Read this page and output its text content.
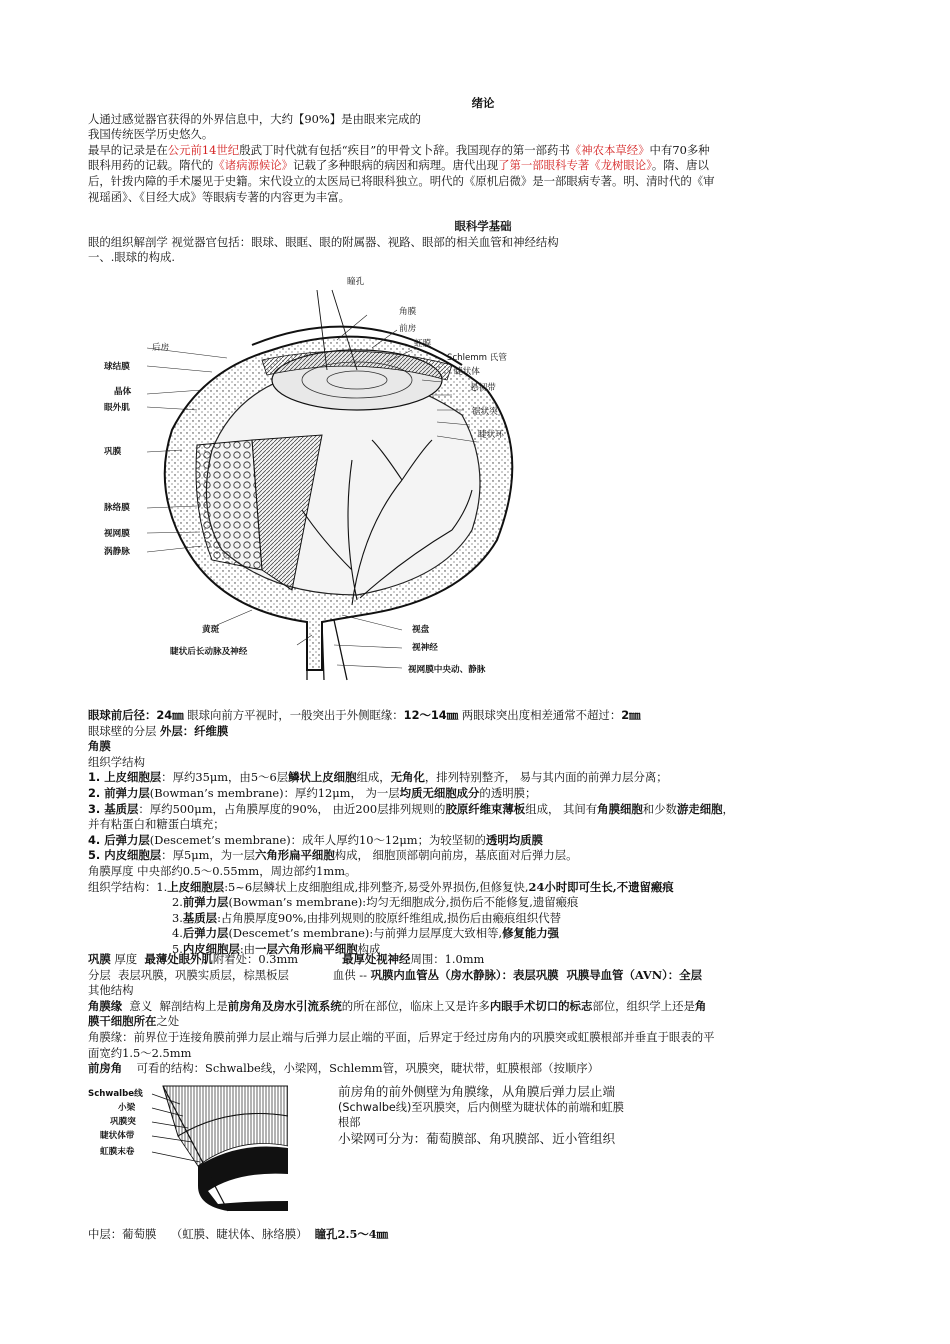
绪论
人通过感觉器官获得的外界信息中，大约【90%】是由眼来完成的
我国传统医学历史悠久。
最早的记录是在公元前14世纪殷武丁时代就有包括“疾目”的甲骨文卜辞。我国现存的第一部药书《神农本草经》中有70多种
眼科用药的记载。隋代的《诸病源候论》记载了多种眼病的病因和病理。唐代出现了第一部眼科专著《龙树眼论》。隋、唐以
后，针拨内障的手术屡见于史籍。宋代设立的太医局已将眼科独立。明代的《原机启微》是一部眼病专著。明、清时代的《审
视瑶函》、《目经大成》等眼病专著的内容更为丰富。
眼科学基础
眼的组织解剖学 视觉器官包括：眼球、眼眶、眼的附属器、视路、眼部的相关血管和神经结构
一、.眼球的构成.
瞳孔
角膜
前房
虹膜
Schlemm 氏管
睫状体
悬韧带
锯状突
睫状环
后房
球结膜
晶体
眼外肌
巩膜
脉络膜
视网膜
涡静脉
黄斑
睫状后长动脉及神经
视盘
视神经
视网膜中央动、静脉
眼球前后径：24㎜ 眼球向前方平视时，一般突出于外侧眶缘：12～14㎜ 两眼球突出度相差通常不超过：2㎜
眼球壁的分层 外层：纤维膜
角膜
组织学结构
1. 上皮细胞层：厚约35μm，由5～6层鳞状上皮细胞组成，无角化，排列特别整齐， 易与其内面的前弹力层分离；
2. 前弹力层(Bowman’s membrane)：厚约12μm， 为一层均质无细胞成分的透明膜；
3. 基质层：厚约500μm，占角膜厚度的90%， 由近200层排列规则的胶原纤维束薄板组成， 其间有角膜细胞和少数游走细胞，
并有粘蛋白和糖蛋白填充；
4. 后弹力层(Descemet’s membrane)：成年人厚约10～12μm；为较坚韧的透明均质膜
5. 内皮细胞层：厚5μm，为一层六角形扁平细胞构成， 细胞顶部朝向前房，基底面对后弹力层。
角膜厚度 中央部约0.5～0.55mm，周边部约1mm。
组织学结构：1.上皮细胞层:5~6层鳞状上皮细胞组成,排列整齐,易受外界损伤,但修复快,24小时即可生长,不遗留瘢痕
2.前弹力层(Bowman’s membrane):均匀无细胞成分,损伤后不能修复,遗留瘢痕
3.基质层:占角膜厚度90%,由排列规则的胶原纤维组成,损伤后由瘢痕组织代替
4.后弹力层(Descemet’s membrane):与前弹力层厚度大致相等,修复能力强
5.内皮细胞层:由一层六角形扁平细胞构成
巩膜 厚度  最薄处眼外肌附着处：0.3mm	最厚处视神经周围：1.0mm
分层  表层巩膜，巩膜实质层，棕黑板层	血供 -- 巩膜内血管丛（房水静脉）：表层巩膜  巩膜导血管（AVN）：全层
其他结构
角膜缘  意义  解剖结构上是前房角及房水引流系统的所在部位，临床上又是许多内眼手术切口的标志部位，组织学上还是角
膜干细胞所在之处
角膜缘：前界位于连接角膜前弹力层止端与后弹力层止端的平面，后界定于经过房角内的巩膜突或虹膜根部并垂直于眼表的平
面宽约1.5～2.5mm
前房角    可看的结构：Schwalbe线，小梁网，Schlemm管，巩膜突，睫状带，虹膜根部（按顺序）
Schwalbe线
小梁
巩膜突
睫状体带
虹膜末卷
前房角的前外侧壁为角膜缘，从角膜后弹力层止端
(Schwalbe线)至巩膜突，后内侧壁为睫状体的前端和虹膜
根部
小梁网可分为：葡萄膜部、角巩膜部、近小管组织
中层：葡萄膜    （虹膜、睫状体、脉络膜）  瞳孔2.5～4㎜
